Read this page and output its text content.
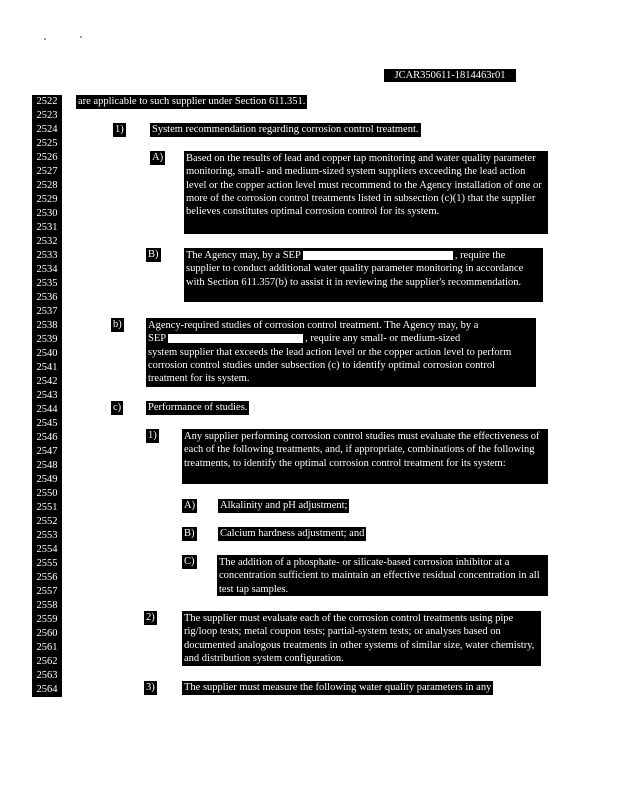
JCAR350611-1814463r01
2522
2523
2524
2525
2526
2527
2528
2529
2530
2531
2532
2533
2534
2535
2536
2537
2538
2539
2540
2541
2542
2543
2544
2545
2546
2547
2548
2549
2550
2551
2552
2553
2554
2555
2556
2557
2558
2559
2560
2561
2562
2563
2564
are applicable to such supplier under Section 611.351.
1)	System recommendation regarding corrosion control treatment.
A) Based on the results of lead and copper tap monitoring and water quality parameter monitoring, small- and medium-sized system suppliers exceeding the lead action level or the copper action level must recommend to the Agency installation of one or more of the corrosion control treatments listed in subsection (c)(1) that the supplier believes constitutes optimal corrosion control for its system.
B)	The Agency may, by a SEP	, require the supplier to conduct additional water quality parameter monitoring in accordance with Section 611.357(b) to assist it in reviewing the supplier's recommendation.
b)	Agency-required studies of corrosion control treatment. The Agency may, by a
SEP	, require any small- or medium-sized
system supplier that exceeds the lead action level or the copper action level to perform corrosion control studies under subsection (c) to identify optimal corrosion control treatment for its system.
c)	Performance of studies.
1)	Any supplier performing corrosion control studies must evaluate the effectiveness of each of the following treatments, and, if appropriate, combinations of the following treatments, to identify the optimal corrosion control treatment for its system:
A) Alkalinity and pH adjustment;
B) Calcium hardness adjustment; and
C) The addition of a phosphate- or silicate-based corrosion inhibitor at a concentration sufficient to maintain an effective residual concentration in all test tap samples.
2)	The supplier must evaluate each of the corrosion control treatments using pipe rig/loop tests; metal coupon tests; partial-system tests; or analyses based on documented analogous treatments in other systems of similar size, water chemistry, and distribution system configuration.
3)	The supplier must measure the following water quality parameters in any
